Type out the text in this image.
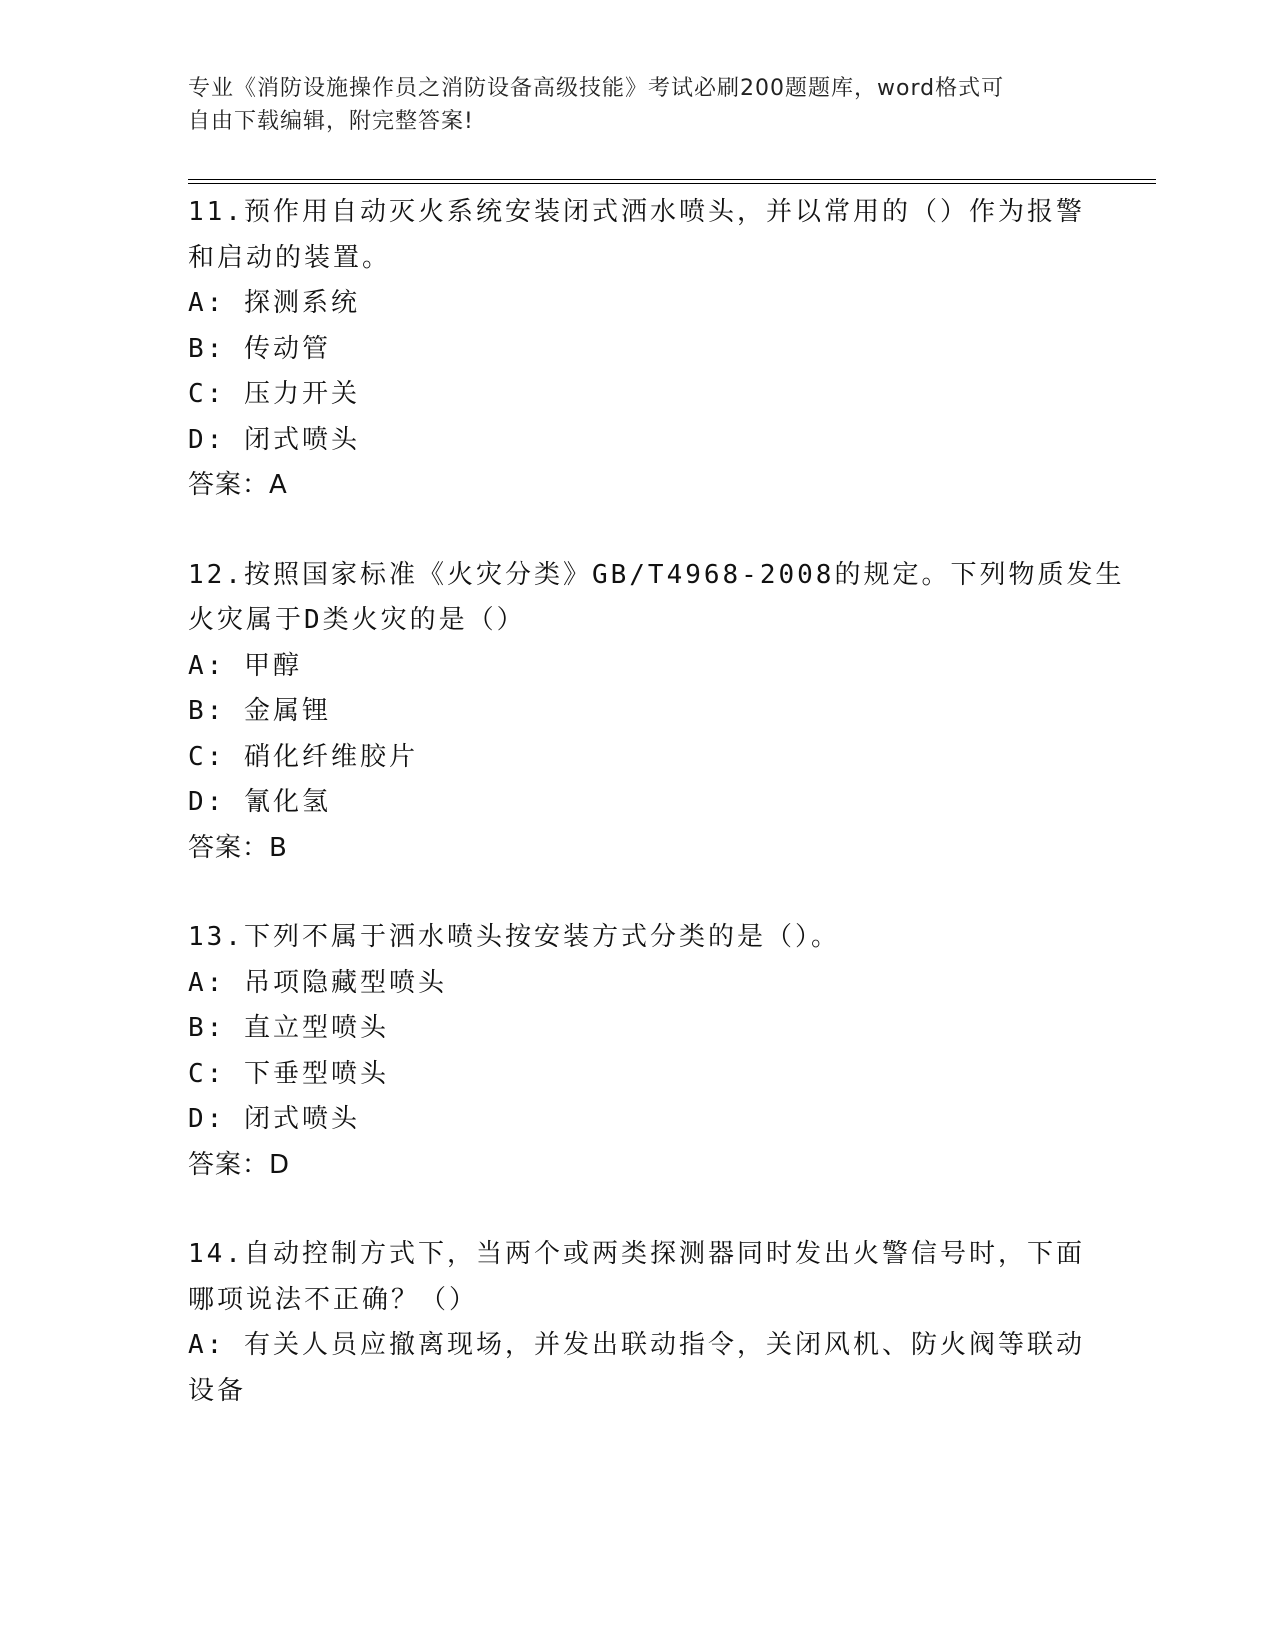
专业《消防设施操作员之消防设备高级技能》考试必刷200题题库，word格式可
自由下载编辑，附完整答案!
11.预作用自动灭火系统安装闭式洒水喷头，并以常用的（）作为报警
和启动的装置。
A: 探测系统
B: 传动管
C: 压力开关
D: 闭式喷头
答案：A
12.按照国家标准《火灾分类》GB/T4968-2008的规定。下列物质发生
火灾属于D类火灾的是（）
A: 甲醇
B: 金属锂
C: 硝化纤维胶片
D: 氰化氢
答案：B
13.下列不属于洒水喷头按安装方式分类的是（）。
A: 吊项隐藏型喷头
B: 直立型喷头
C: 下垂型喷头
D: 闭式喷头
答案：D
14.自动控制方式下，当两个或两类探测器同时发出火警信号时，下面
哪项说法不正确？（）
A: 有关人员应撤离现场，并发出联动指令，关闭风机、防火阀等联动
设备
